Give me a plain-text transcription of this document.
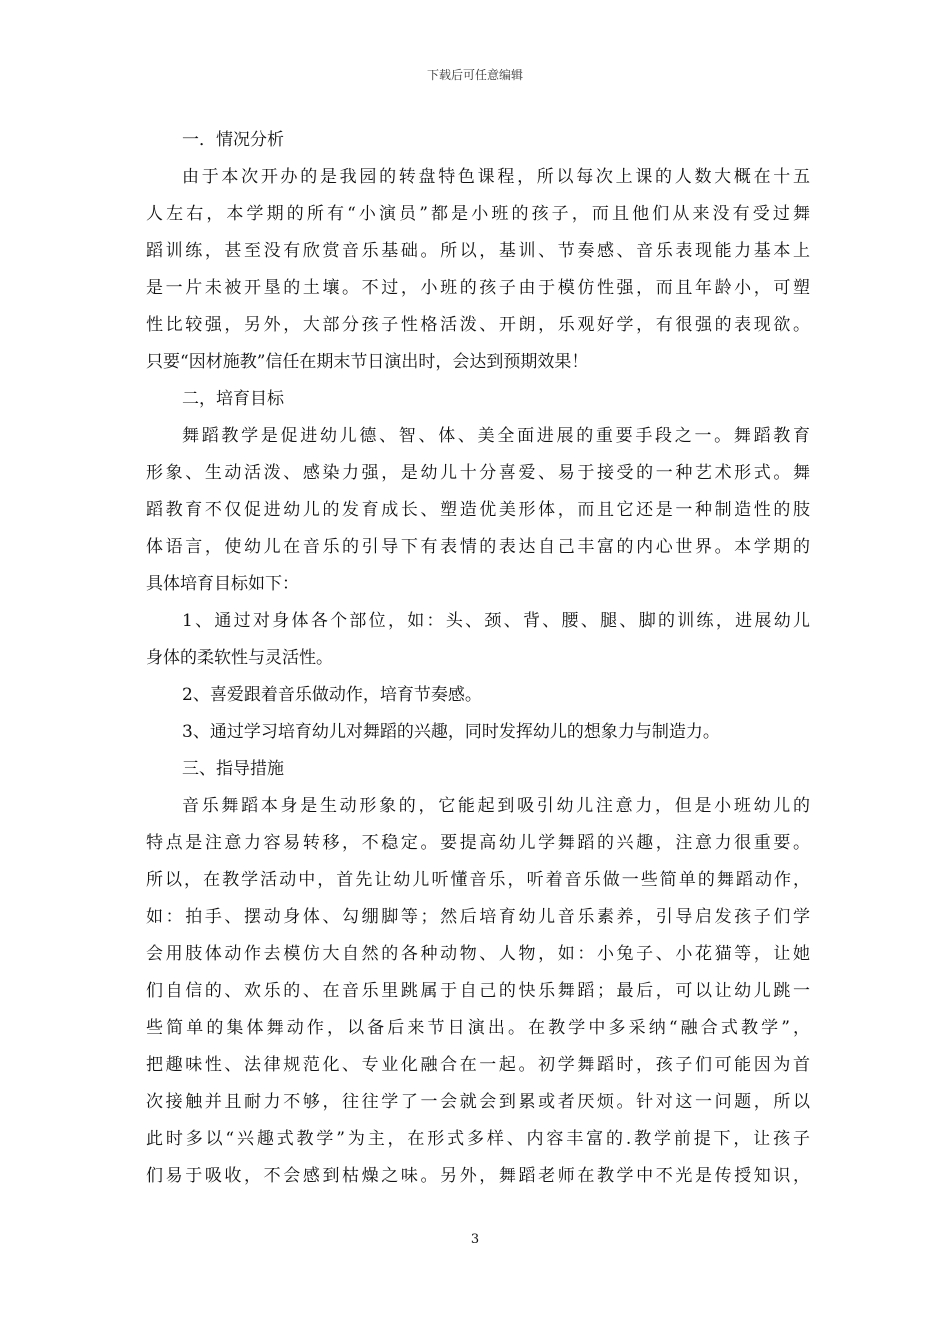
下载后可任意编辑
一．情况分析
由于本次开办的是我园的转盘特色课程，所以每次上课的人数大概在十五
人左右，本学期的所有“小演员”都是小班的孩子，而且他们从来没有受过舞
蹈训练，甚至没有欣赏音乐基础。所以，基训、节奏感、音乐表现能力基本上
是一片未被开垦的土壤。不过，小班的孩子由于模仿性强，而且年龄小，可塑
性比较强，另外，大部分孩子性格活泼、开朗，乐观好学，有很强的表现欲。
只要“因材施教”信任在期末节日演出时，会达到预期效果！
二，培育目标
舞蹈教学是促进幼儿德、智、体、美全面进展的重要手段之一。舞蹈教育
形象、生动活泼、感染力强，是幼儿十分喜爱、易于接受的一种艺术形式。舞
蹈教育不仅促进幼儿的发育成长、塑造优美形体，而且它还是一种制造性的肢
体语言，使幼儿在音乐的引导下有表情的表达自己丰富的内心世界。本学期的
具体培育目标如下：
1、通过对身体各个部位，如：头、颈、背、腰、腿、脚的训练，进展幼儿
身体的柔软性与灵活性。
2、喜爱跟着音乐做动作，培育节奏感。
3、通过学习培育幼儿对舞蹈的兴趣，同时发挥幼儿的想象力与制造力。
三、指导措施
音乐舞蹈本身是生动形象的，它能起到吸引幼儿注意力，但是小班幼儿的
特点是注意力容易转移，不稳定。要提高幼儿学舞蹈的兴趣，注意力很重要。
所以，在教学活动中，首先让幼儿听懂音乐，听着音乐做一些简单的舞蹈动作，
如：拍手、摆动身体、勾绷脚等；然后培育幼儿音乐素养，引导启发孩子们学
会用肢体动作去模仿大自然的各种动物、人物，如：小兔子、小花猫等，让她
们自信的、欢乐的、在音乐里跳属于自己的快乐舞蹈；最后，可以让幼儿跳一
些简单的集体舞动作，以备后来节日演出。在教学中多采纳“融合式教学”，
把趣味性、法律规范化、专业化融合在一起。初学舞蹈时，孩子们可能因为首
次接触并且耐力不够，往往学了一会就会到累或者厌烦。针对这一问题，所以
此时多以“兴趣式教学”为主，在形式多样、内容丰富的.教学前提下，让孩子
们易于吸收，不会感到枯燥之味。另外，舞蹈老师在教学中不光是传授知识，
3
